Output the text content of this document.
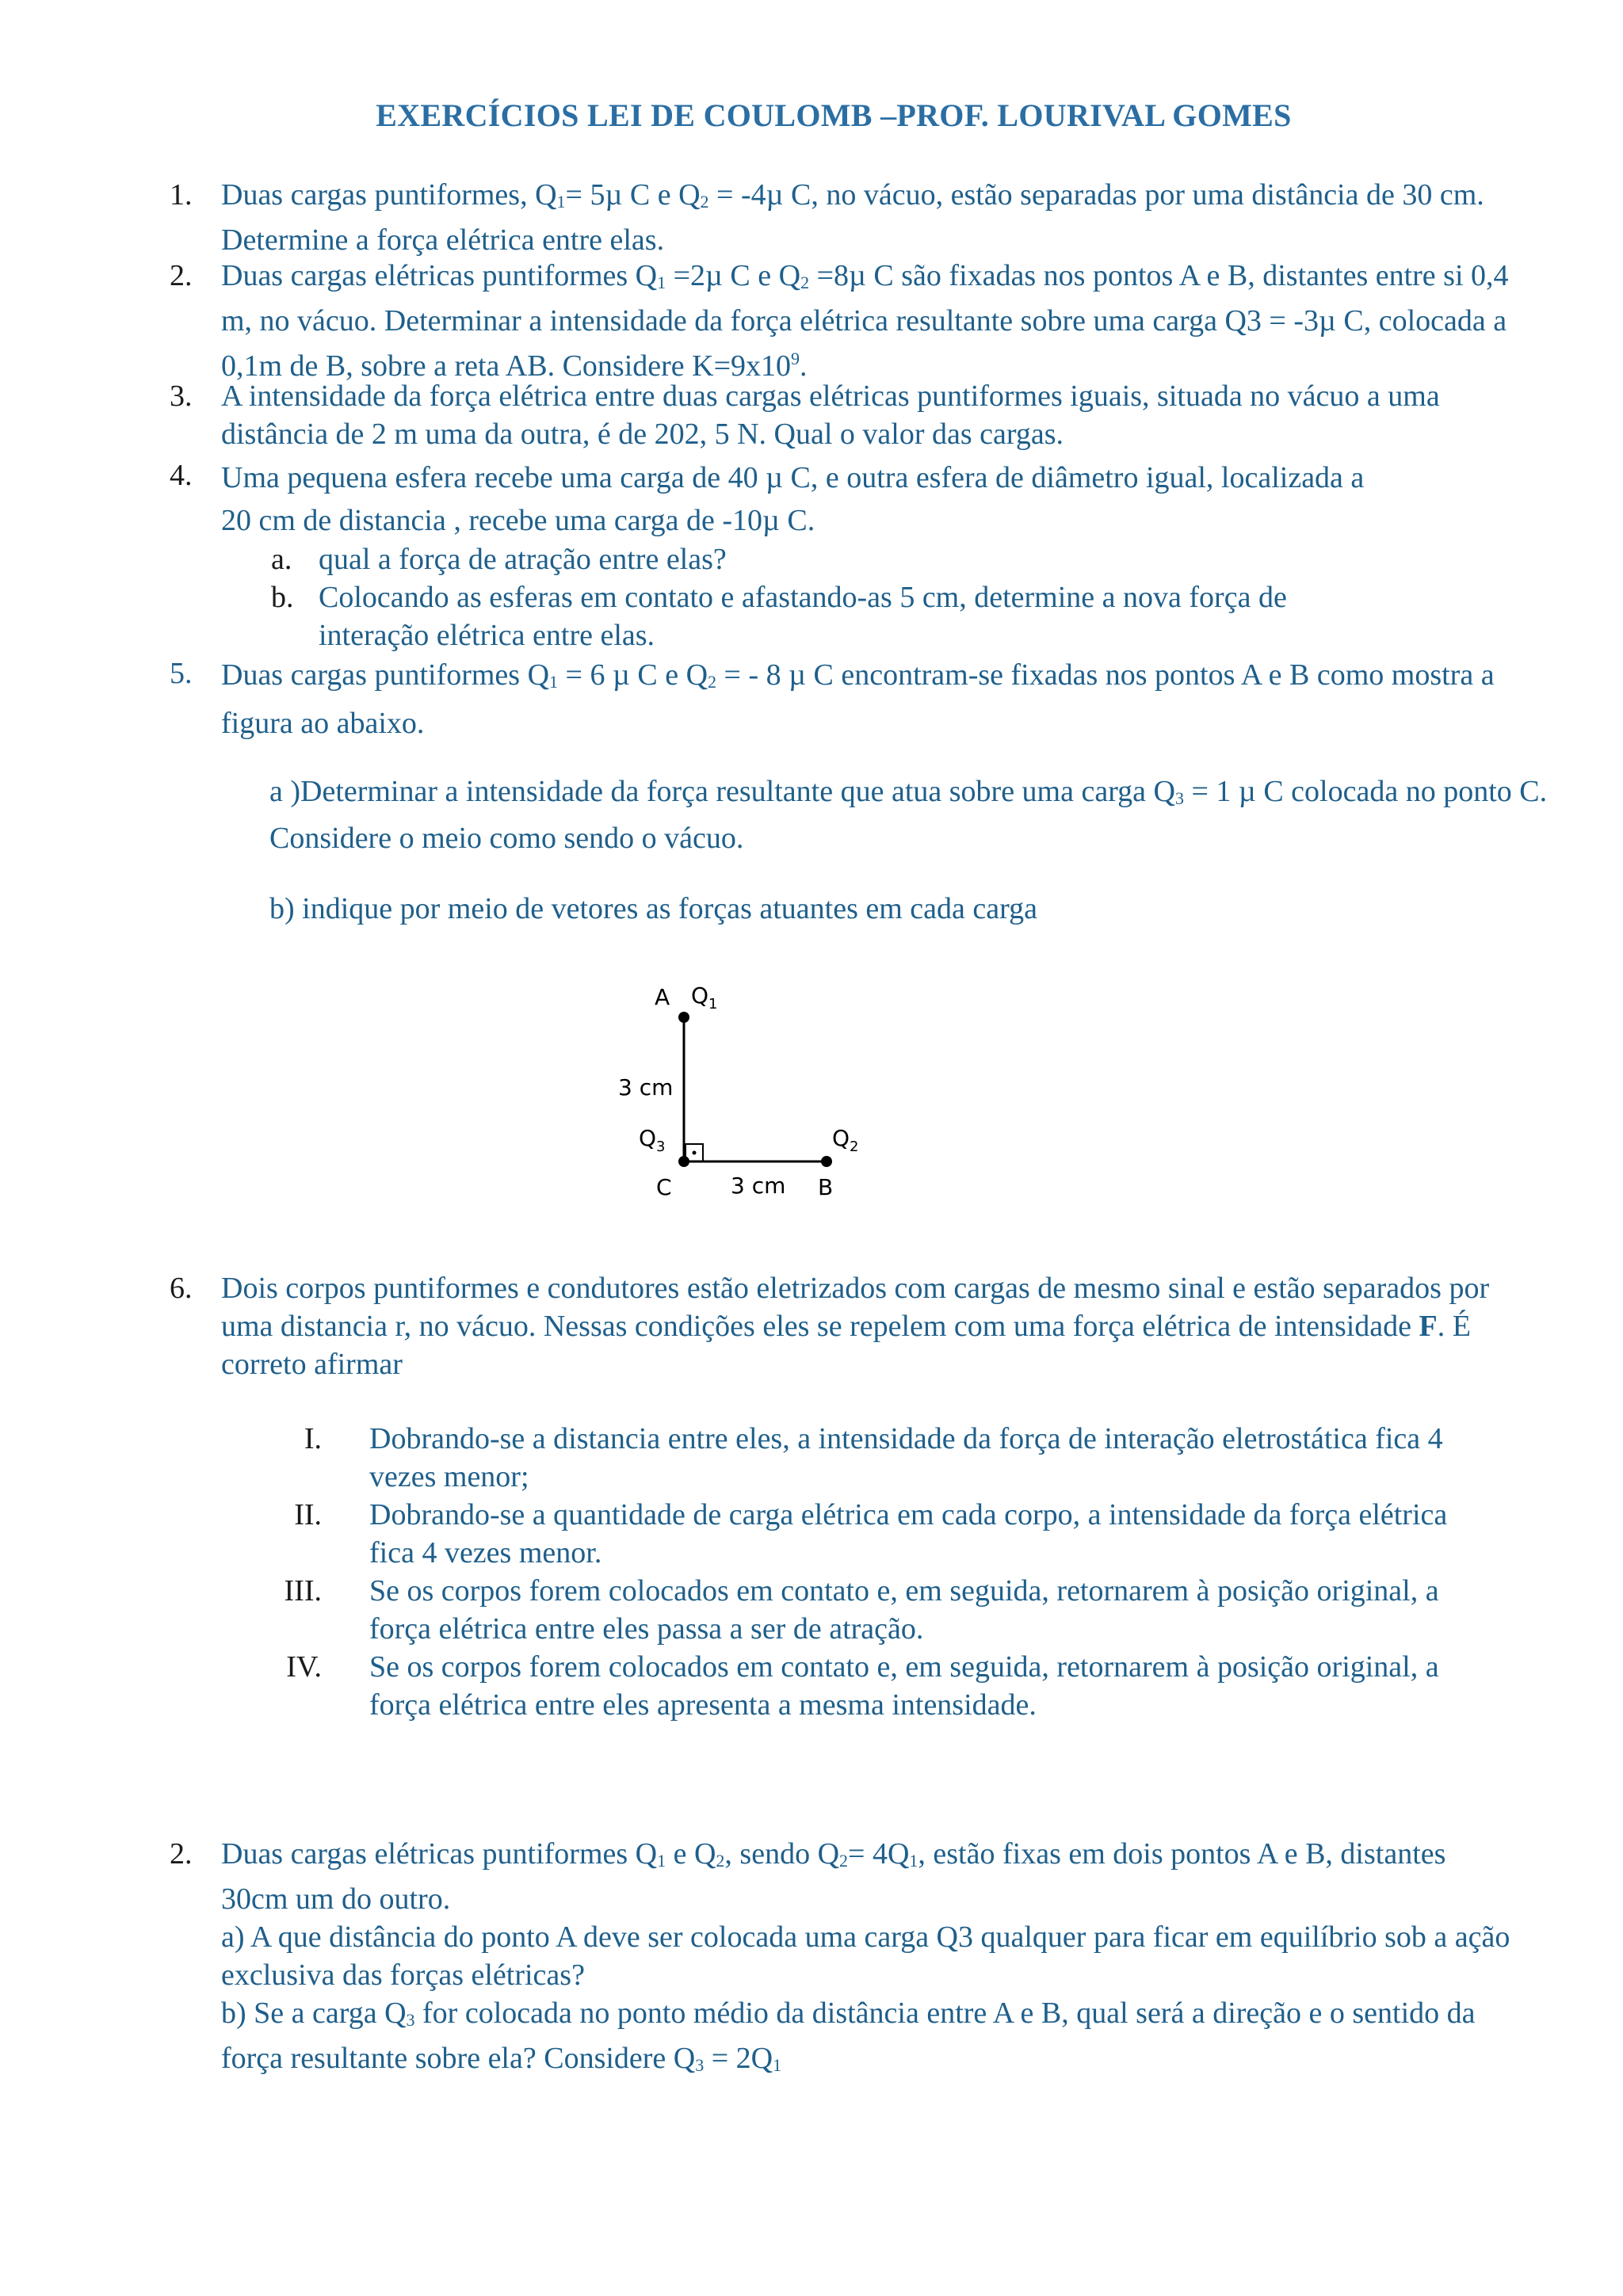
EXERCÍCIOS LEI DE COULOMB –PROF. LOURIVAL GOMES
1. Duas cargas puntiformes, $Q_1= 5\mu$ C e $Q_2 = -4\mu$ C, no vácuo, estão separadas por uma distância de 30 cm. Determine a força elétrica entre elas.
2. Duas cargas elétricas puntiformes $Q_1 =2\mu$ C e $Q_2 =8\mu$ C são fixadas nos pontos A e B, distantes entre si 0,4 m, no vácuo. Determinar a intensidade da força elétrica resultante sobre uma carga Q3 = -3µ C, colocada a 0,1m de B, sobre a reta AB. Considere $K=9x10^9$.
3. A intensidade da força elétrica entre duas cargas elétricas puntiformes iguais, situada no vácuo a uma distância de 2 m uma da outra, é de 202, 5 N. Qual o valor das cargas.
4. Uma pequena esfera recebe uma carga de 40 µ C, e outra esfera de diâmetro igual, localizada a
20 cm de distancia , recebe uma carga de -10µ C.
a. qual a força de atração entre elas?
b. Colocando as esferas em contato e afastando-as 5 cm, determine a nova força de interação elétrica entre elas.
5. Duas cargas puntiformes $Q_1 = 6$ µ C e $Q_2$ = - 8 µ C encontram-se fixadas nos pontos A e B como mostra a figura ao abaixo.
a )Determinar a intensidade da força resultante que atua sobre uma carga $Q_3 = 1$ µ C colocada no ponto C. Considere o meio como sendo o vácuo.
b) indique por meio de vetores as forças atuantes em cada carga
A $Q_1$
3 cm
$Q_3$	$Q_2$
C	3 cm B
6. Dois corpos puntiformes e condutores estão eletrizados com cargas de mesmo sinal e estão separados por uma distancia r, no vácuo. Nessas condições eles se repelem com uma força elétrica de intensidade F. É correto afirmar
I. Dobrando-se a distancia entre eles, a intensidade da força de interação eletrostática fica 4 vezes menor;
II. Dobrando-se a quantidade de carga elétrica em cada corpo, a intensidade da força elétrica fica 4 vezes menor.
III. Se os corpos forem colocados em contato e, em seguida, retornarem à posição original, a força elétrica entre eles passa a ser de atração.
IV. Se os corpos forem colocados em contato e, em seguida, retornarem à posição original, a força elétrica entre eles apresenta a mesma intensidade.
2. Duas cargas elétricas puntiformes $Q_1$ e $Q_2$, sendo $Q_2= 4Q_1$, estão fixas em dois pontos A e B, distantes 30cm um do outro.
a) A que distância do ponto A deve ser colocada uma carga Q3 qualquer para ficar em equilíbrio sob a ação exclusiva das forças elétricas?
b) Se a carga $Q_3$ for colocada no ponto médio da distância entre A e B, qual será a direção e o sentido da força resultante sobre ela? Considere $Q_3 = 2Q_1$
